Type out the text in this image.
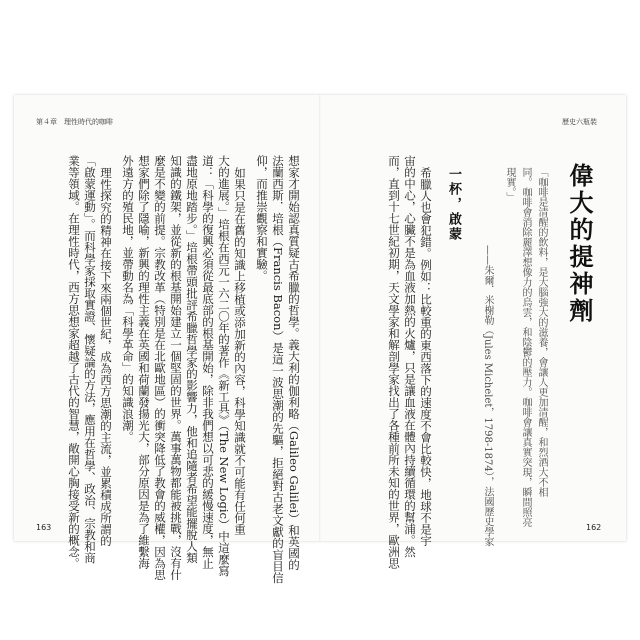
第４章　理性時代的咖啡
163	想家才開始認真質疑古希臘的哲學。義大利的伽利略（Galileo Galilei）和英國的
法蘭西斯．培根（Francis Bacon）是這一波思潮的先驅，拒絕對古老文獻的盲目信
仰，而推崇觀察和實驗。
如果只是在舊的知識上移植或添加新的內容，科學知識就不可能有任何重
大的進展。」培根在西元一六二〇年的著作《新工具》（The New Logic）中這麼寫
道：「科學的復興必須從最底部的根基開始，除非我們想以可悲的緩慢速度，無止
盡地原地踏步。」培根帶頭批評希臘哲學家的影響力，他和追隨者希望能擺脫人類
知識的鐵架，並從新的根基開始建立一個堅固的世界。萬事萬物都能被挑戰，沒有什
麼是不變的前提。宗教改革（特別是在北歐地區）的衝突降低了教會的威權，因為思
想家們除了隱喻，新興的理性主義在英國和荷蘭發揚光大，部分原因是為了維繫海
外遠方的殖民地，並帶動名為「科學革命」的知識浪潮。
理性探究的精神在接下來兩個世紀，成為西方思潮的主流，並累積成所謂的
「啟蒙運動」。而科學家採取實證、懷疑論的方法，應用在哲學、政治、宗教和商
業等領域。在理性時代，西方思想家超越了古代的智慧，敞開心胸接受新的概念。
歷史六瓶裝
162
偉大的提神劑
「咖啡是清醒的飲料，是大腦強大的滋養，會讓人更加清醒，和烈酒大不相
同。咖啡會消除麗澤想像力的烏雲，和陰鬱的壓力。咖啡會讓真實突現，瞬間照亮
現實。」
——朱爾．米榭勒（Jules Michelet，1798-1874），法國歷史學家
一杯，啟蒙
希臘人也會犯錯。例如：比較重的東西落下的速度不會比較快，地球不是宇
宙的中心，心臟不是為血液加熱的火爐，只是讓血液在體內持續循環的幫浦。然
而，直到十七世紀初期，天文學家和解剖學家找出了各種前所未知的世界，歐洲思
